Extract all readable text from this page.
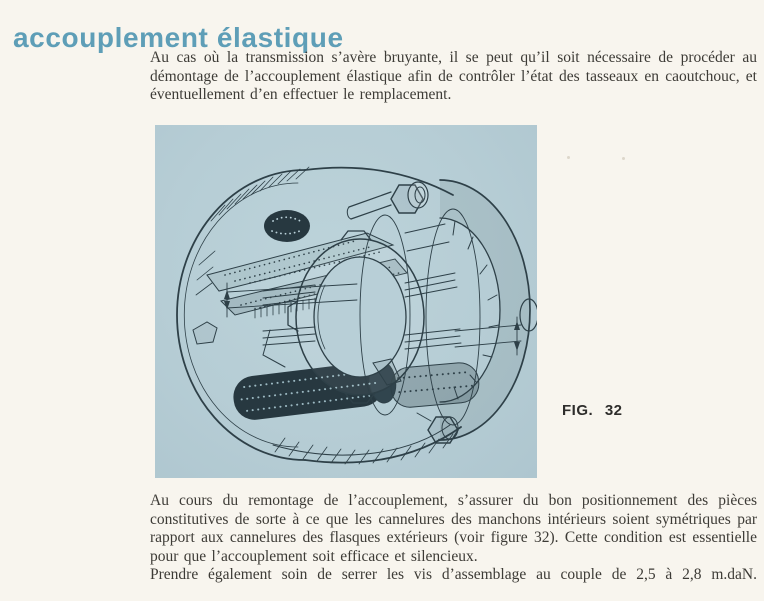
accouplement élastique

Au cas où la transmission s’avère bruyante, il se peut qu’il soit nécessaire de procéder au démontage de l’accouplement élastique afin de contrôler l’état des tasseaux en caoutchouc, et éventuellement d’en effectuer le remplacement.

FIG. 32

Au cours du remontage de l’accouplement, s’assurer du bon positionnement des pièces constitutives de sorte à ce que les cannelures des manchons intérieurs soient symétriques par rapport aux cannelures des flasques extérieurs (voir figure 32). Cette condition est essentielle pour que l’accouplement soit efficace et silencieux.

Prendre également soin de serrer les vis d’assemblage au couple de 2,5 à 2,8 m.daN.
